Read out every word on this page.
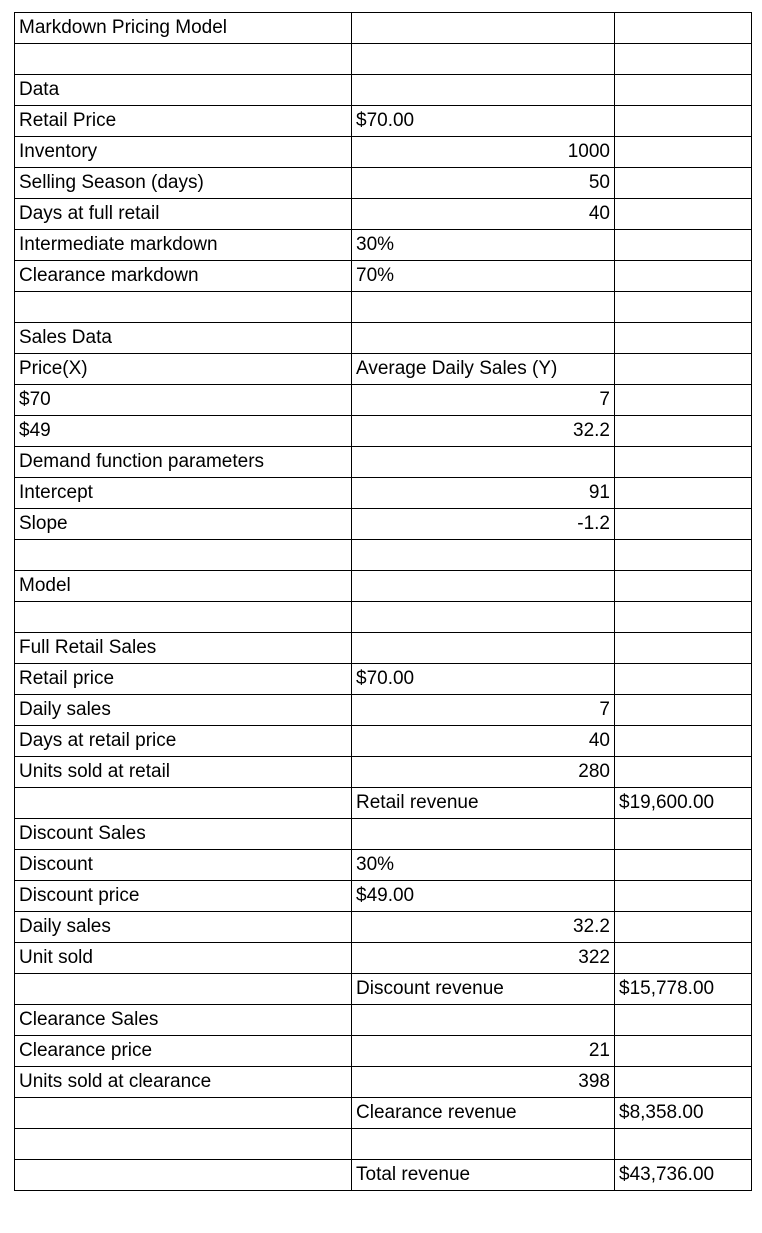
Markdown Pricing Model		

Data		
Retail Price	$70.00	
Inventory	1000	
Selling Season (days)	50	
Days at full retail	40	
Intermediate markdown	30%	
Clearance markdown	70%	

Sales Data		
Price(X)	Average Daily Sales (Y)	
$70	7	
$49	32.2	
Demand function parameters		
Intercept	91	
Slope	-1.2	

Model		

Full Retail Sales		
Retail price	$70.00	
Daily sales	7	
Days at retail price	40	
Units sold at retail	280	
	Retail revenue	$19,600.00
Discount Sales		
Discount	30%	
Discount price	$49.00	
Daily sales	32.2	
Unit sold	322	
	Discount revenue	$15,778.00
Clearance Sales		
Clearance price	21	
Units sold at clearance	398	
	Clearance revenue	$8,358.00

	Total revenue	$43,736.00
